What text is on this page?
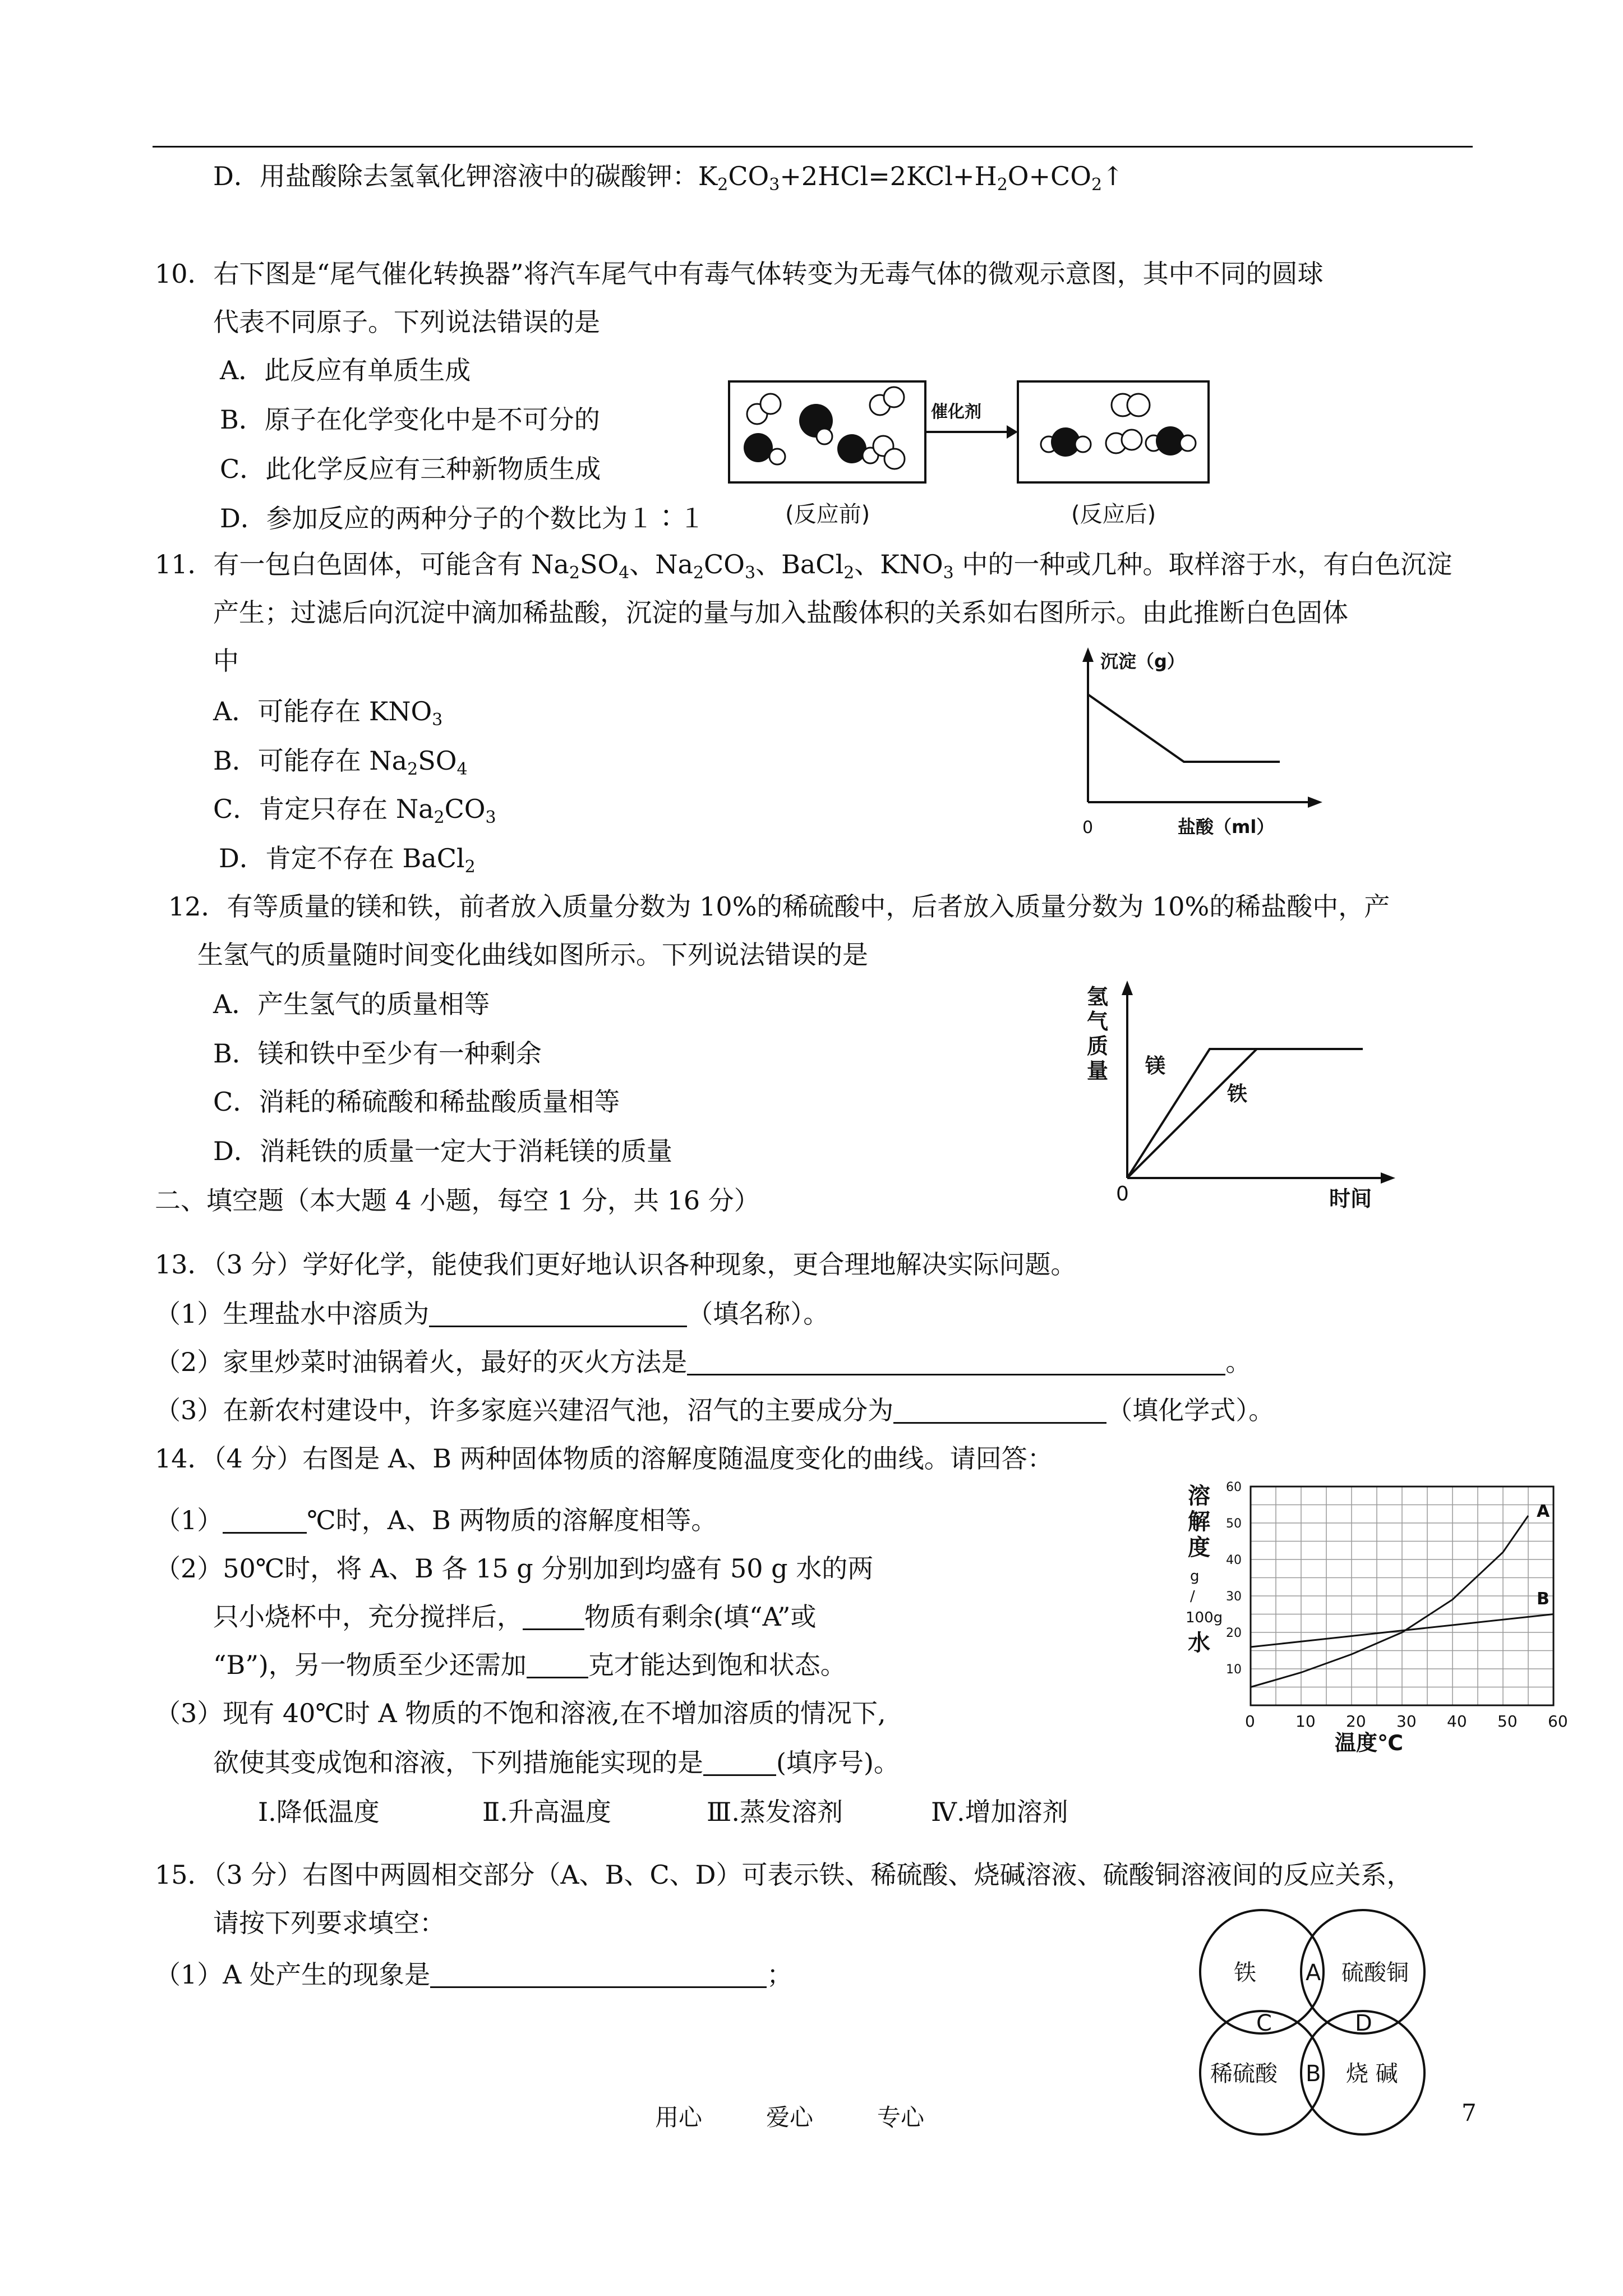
D．用盐酸除去氢氧化钾溶液中的碳酸钾：$K_2CO_3+2HCl=2KCl+H_2O+CO_2↑$
10．右下图是“尾气催化转换器”将汽车尾气中有毒气体转变为无毒气体的微观示意图，其中不同的圆球
代表不同原子。下列说法错误的是
A．此反应有单质生成
B．原子在化学变化中是不可分的
C．此化学反应有三种新物质生成
D．参加反应的两种分子的个数比为１∶１
催化剂
(反应前)	(反应后)
11．有一包白色固体，可能含有 $Na_2SO_4$、$Na_2CO_3$、BaCl$_2$、$KNO_3$ 中的一种或几种。取样溶于水，有白色沉淀
产生；过滤后向沉淀中滴加稀盐酸，沉淀的量与加入盐酸体积的关系如右图所示。由此推断白色固体
中
A．可能存在 $KNO_3$
B．可能存在 $Na_2SO_4$
C．肯定只存在 $Na_2CO_3$
D．肯定不存在 BaCl$_2$
沉淀（g）
盐酸（ml）
0
12．有等质量的镁和铁，前者放入质量分数为 10%的稀硫酸中，后者放入质量分数为 10%的稀盐酸中，产
生氢气的质量随时间变化曲线如图所示。下列说法错误的是
A．产生氢气的质量相等
B．镁和铁中至少有一种剩余
C．消耗的稀硫酸和稀盐酸质量相等
D．消耗铁的质量一定大于消耗镁的质量
氢 气 质 量
时间
0
镁
铁
二、填空题（本大题 4 小题，每空 1 分，共 16 分）
13．（3 分）学好化学，能使我们更好地认识各种现象，更合理地解决实际问题。
（1）生理盐水中溶质为	（填名称）。
（2）家里炒菜时油锅着火，最好的灭火方法是	。
（3）在新农村建设中，许多家庭兴建沼气池，沼气的主要成分为	（填化学式）。
14．（4 分）右图是 A、B 两种固体物质的溶解度随温度变化的曲线。请回答：
（1）	℃时，A、B 两物质的溶解度相等。
（2）50℃时，将 A、B 各 15 g 分别加到均盛有 50 g 水的两
只小烧杯中，充分搅拌后， 物质有剩余(填“A”或
“B”)，另一物质至少还需加 克才能达到饱和状态。
（3）现有 40℃时 A 物质的不饱和溶液,在不增加溶质的情况下,
欲使其变成饱和溶液，下列措施能实现的是	(填序号)。
Ⅰ.降低温度	Ⅱ.升高温度	Ⅲ.蒸发溶剂	Ⅳ.增加溶剂
10
20
30
40
50
60
0	10 20 30 40 50 60
溶 解 度 g / 100g 水
A
B
温度℃
15．（3 分）右图中两圆相交部分（A、B、C、D）可表示铁、稀硫酸、烧碱溶液、硫酸铜溶液间的反应关系，
请按下列要求填空：
（1）A 处产生的现象是	；	铁	硫酸铜
稀硫酸	烧 碱
A
B
C	D
用心	爱心	专心	7
